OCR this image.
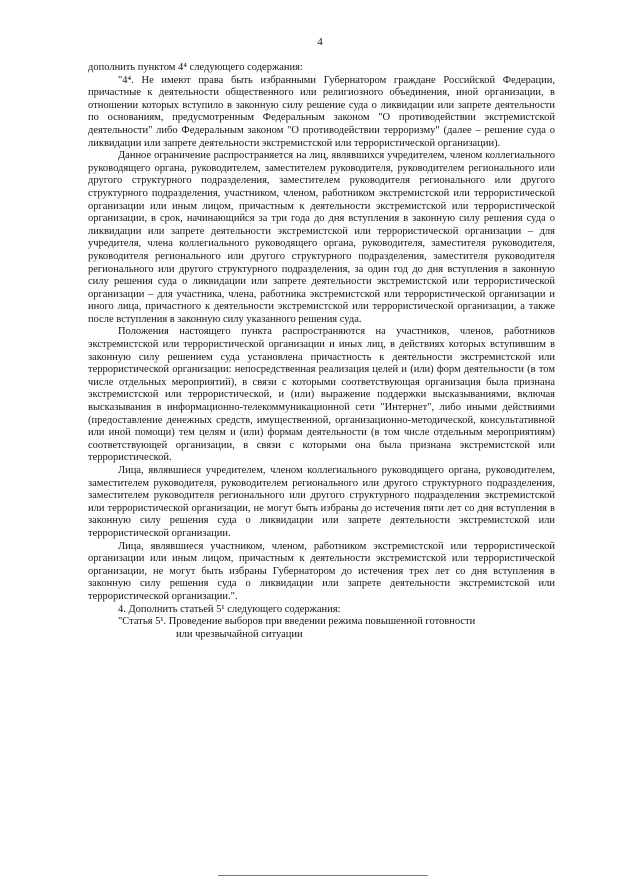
4

дополнить пунктом 4⁴ следующего содержания:

"4⁴. Не имеют права быть избранными Губернатором граждане Российской Федерации, причастные к деятельности общественного или религиозного объединения, иной организации, в отношении которых вступило в законную силу решение суда о ликвидации или запрете деятельности по основаниям, предусмотренным Федеральным законом "О противодействии экстремистской деятельности" либо Федеральным законом "О противодействии терроризму" (далее – решение суда о ликвидации или запрете деятельности экстремистской или террористической организации).

Данное ограничение распространяется на лиц, являвшихся учредителем, членом коллегиального руководящего органа, руководителем, заместителем руководителя, руководителем регионального или другого структурного подразделения, заместителем руководителя регионального или другого структурного подразделения, участником, членом, работником экстремистской или террористической организации или иным лицом, причастным к деятельности экстремистской или террористической организации, в срок, начинающийся за три года до дня вступления в законную силу решения суда о ликвидации или запрете деятельности экстремистской или террористической организации – для учредителя, члена коллегиального руководящего органа, руководителя, заместителя руководителя, руководителя регионального или другого структурного подразделения, заместителя руководителя регионального или другого структурного подразделения, за один год до дня вступления в законную силу решения суда о ликвидации или запрете деятельности экстремистской или террористической организации – для участника, члена, работника экстремистской или террористической организации и иного лица, причастного к деятельности экстремистской или террористической организации, а также после вступления в законную силу указанного решения суда.

Положения настоящего пункта распространяются на участников, членов, работников экстремистской или террористической организации и иных лиц, в действиях которых вступившим в законную силу решением суда установлена причастность к деятельности экстремистской или террористической организации: непосредственная реализация целей и (или) форм деятельности (в том числе отдельных мероприятий), в связи с которыми соответствующая организация была признана экстремистской или террористической, и (или) выражение поддержки высказываниями, включая высказывания в информационно-телекоммуникационной сети "Интернет", либо иными действиями (предоставление денежных средств, имущественной, организационно-методической, консультативной или иной помощи) тем целям и (или) формам деятельности (в том числе отдельным мероприятиям) соответствующей организации, в связи с которыми она была признана экстремистской или террористической.

Лица, являвшиеся учредителем, членом коллегиального руководящего органа, руководителем, заместителем руководителя, руководителем регионального или другого структурного подразделения, заместителем руководителя регионального или другого структурного подразделения экстремистской или террористической организации, не могут быть избраны до истечения пяти лет со дня вступления в законную силу решения суда о ликвидации или запрете деятельности экстремистской или террористической организации.

Лица, являвшиеся участником, членом, работником экстремистской или террористической организации или иным лицом, причастным к деятельности экстремистской или террористической организации, не могут быть избраны Губернатором до истечения трех лет со дня вступления в законную силу решения суда о ликвидации или запрете деятельности экстремистской или террористической организации.".

4. Дополнить статьей 5¹ следующего содержания:

"Статья 5¹. Проведение выборов при введении режима повышенной готовности

или чрезвычайной ситуации
